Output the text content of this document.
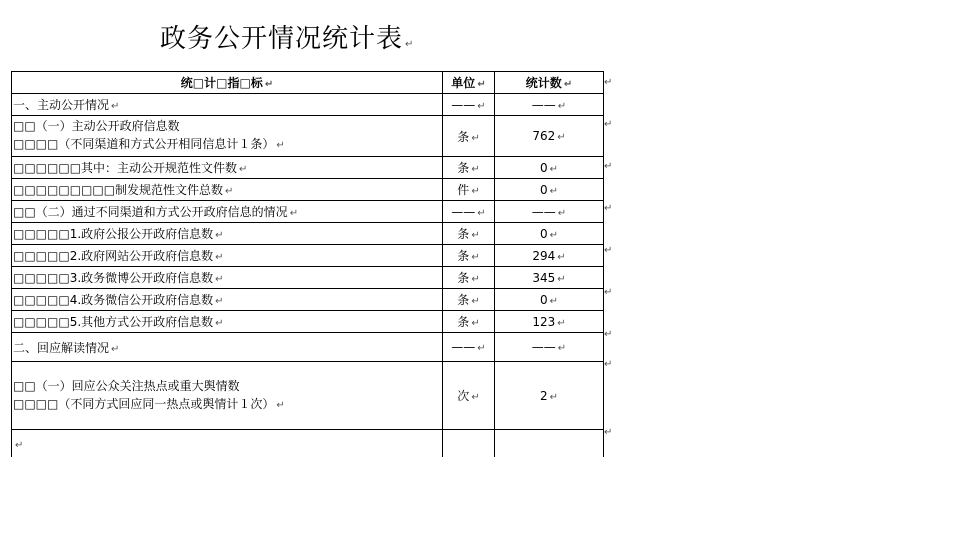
政务公开情况统计表 ↵
统□计□指□标 ↵	单位 ↵	统计数 ↵
一、主动公开情况 ↵	—— ↵	—— ↵

□□（一）主动公开政府信息数
□□□□（不同渠道和方式公开相同信息计１条） ↵	条 ↵	762 ↵
□□□□□□其中：主动公开规范性文件数 ↵	条 ↵	0 ↵
□□□□□□□□□制发规范性文件总数 ↵	件 ↵	0 ↵
□□（二）通过不同渠道和方式公开政府信息的情况 ↵	—— ↵	—— ↵
□□□□□1.政府公报公开政府信息数 ↵	条 ↵	0 ↵
□□□□□2.政府网站公开政府信息数 ↵	条 ↵	294 ↵
□□□□□3.政务微博公开政府信息数 ↵	条 ↵	345 ↵
□□□□□4.政务微信公开政府信息数 ↵	条 ↵	0 ↵
□□□□□5.其他方式公开政府信息数 ↵	条 ↵	123 ↵
二、回应解读情况 ↵	—— ↵	—— ↵

□□（一）回应公众关注热点或重大舆情数
□□□□（不同方式回应同一热点或舆情计１次） ↵	次 ↵	2 ↵
↵		
↵
↵
↵
↵
↵
↵
↵
↵
↵
